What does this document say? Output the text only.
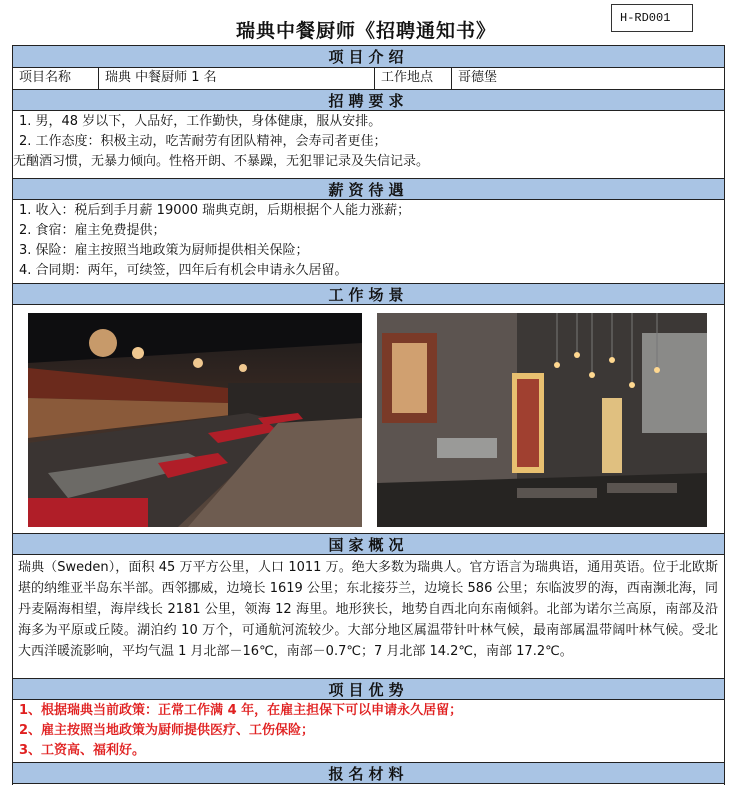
瑞典中餐厨师《招聘通知书》
H-RD001
项目介绍
项目名称	瑞典 中餐厨师 1 名	工作地点	哥德堡
招聘要求
1. 男，48 岁以下，人品好，工作勤快，身体健康，服从安排。
2. 工作态度：积极主动，吃苦耐劳有团队精神，会寿司者更佳；
无酗酒习惯，无暴力倾向。性格开朗、不暴躁，无犯罪记录及失信记录。
薪资待遇
1. 收入：税后到手月薪 19000 瑞典克朗，后期根据个人能力涨薪；
2. 食宿：雇主免费提供；
3. 保险：雇主按照当地政策为厨师提供相关保险；
4. 合同期：两年，可续签，四年后有机会申请永久居留。
工作场景
国家概况
瑞典（Sweden），面积 45 万平方公里，人口 1011 万。绝大多数为瑞典人。官方语言为瑞典语，通用英语。位于北欧斯堪的纳维亚半岛东半部。西邻挪威，边境长 1619 公里；东北接芬兰，边境长 586 公里；东临波罗的海，西南濒北海，同丹麦隔海相望，海岸线长 2181 公里，领海 12 海里。地形狭长，地势自西北向东南倾斜。北部为诺尔兰高原，南部及沿海多为平原或丘陵。湖泊约 10 万个，可通航河流较少。大部分地区属温带针叶林气候，最南部属温带阔叶林气候。受北大西洋暖流影响，平均气温 1 月北部－16℃，南部－0.7℃；7 月北部 14.2℃，南部 17.2℃。
项目优势
1、根据瑞典当前政策：正常工作满 4 年，在雇主担保下可以申请永久居留；
2、雇主按照当地政策为厨师提供医疗、工伤保险；
3、工资高、福利好。
报名材料
